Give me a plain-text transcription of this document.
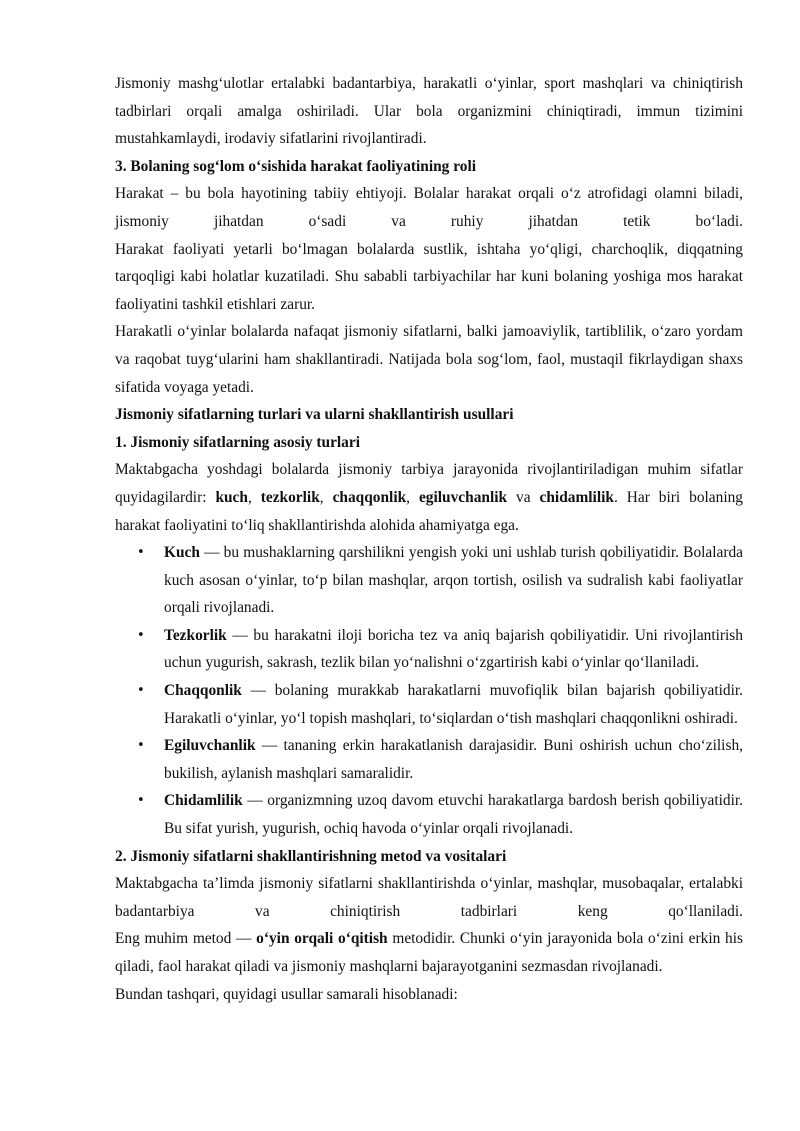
Jismoniy mashg‘ulotlar ertalabki badantarbiya, harakatli o‘yinlar, sport mashqlari va chiniqtirish tadbirlari orqali amalga oshiriladi. Ular bola organizmini chiniqtiradi, immun tizimini mustahkamlaydi, irodaviy sifatlarini rivojlantiradi.

3. Bolaning sog‘lom o‘sishida harakat faoliyatining roli

Harakat – bu bola hayotining tabiiy ehtiyoji. Bolalar harakat orqali o‘z atrofidagi olamni biladi, jismoniy jihatdan o‘sadi va ruhiy jihatdan tetik bo‘ladi.

Harakat faoliyati yetarli bo‘lmagan bolalarda sustlik, ishtaha yo‘qligi, charchoqlik, diqqatning tarqoqligi kabi holatlar kuzatiladi. Shu sababli tarbiyachilar har kuni bolaning yoshiga mos harakat faoliyatini tashkil etishlari zarur.

Harakatli o‘yinlar bolalarda nafaqat jismoniy sifatlarni, balki jamoaviylik, tartiblilik, o‘zaro yordam va raqobat tuyg‘ularini ham shakllantiradi. Natijada bola sog‘lom, faol, mustaqil fikrlaydigan shaxs sifatida voyaga yetadi.

Jismoniy sifatlarning turlari va ularni shakllantirish usullari
1. Jismoniy sifatlarning asosiy turlari

Maktabgacha yoshdagi bolalarda jismoniy tarbiya jarayonida rivojlantiriladigan muhim sifatlar quyidagilardir: kuch, tezkorlik, chaqqonlik, egiluvchanlik va chidamlilik. Har biri bolaning harakat faoliyatini to‘liq shakllantirishda alohida ahamiyatga ega.

• Kuch — bu mushaklarning qarshilikni yengish yoki uni ushlab turish qobiliyatidir. Bolalarda kuch asosan o‘yinlar, to‘p bilan mashqlar, arqon tortish, osilish va sudralish kabi faoliyatlar orqali rivojlanadi.
• Tezkorlik — bu harakatni iloji boricha tez va aniq bajarish qobiliyatidir. Uni rivojlantirish uchun yugurish, sakrash, tezlik bilan yo‘nalishni o‘zgartirish kabi o‘yinlar qo‘llaniladi.
• Chaqqonlik — bolaning murakkab harakatlarni muvofiqlik bilan bajarish qobiliyatidir. Harakatli o‘yinlar, yo‘l topish mashqlari, to‘siqlardan o‘tish mashqlari chaqqonlikni oshiradi.
• Egiluvchanlik — tananing erkin harakatlanish darajasidir. Buni oshirish uchun cho‘zilish, bukilish, aylanish mashqlari samaralidir.
• Chidamlilik — organizmning uzoq davom etuvchi harakatlarga bardosh berish qobiliyatidir. Bu sifat yurish, yugurish, ochiq havoda o‘yinlar orqali rivojlanadi.
2. Jismoniy sifatlarni shakllantirishning metod va vositalari

Maktabgacha ta’limda jismoniy sifatlarni shakllantirishda o‘yinlar, mashqlar, musobaqalar, ertalabki badantarbiya va chiniqtirish tadbirlari keng qo‘llaniladi.

Eng muhim metod — o‘yin orqali o‘qitish metodidir. Chunki o‘yin jarayonida bola o‘zini erkin his qiladi, faol harakat qiladi va jismoniy mashqlarni bajarayotganini sezmasdan rivojlanadi.

Bundan tashqari, quyidagi usullar samarali hisoblanadi:
